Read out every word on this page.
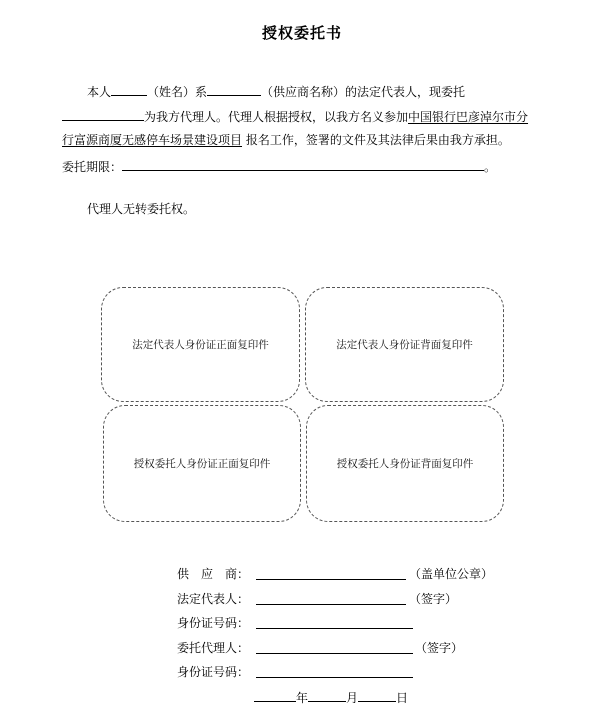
授权委托书
本人	（姓名）系	（供应商名称）的法定代表人，现委托
为我方代理人。代理人根据授权，以我方名义参加中国银行巴彦淖尔市分
行富源商厦无感停车场景建设项目 报名工作，签署的文件及其法律后果由我方承担。
委托期限：	。
代理人无转委托权。
法定代表人身份证正面复印件	法定代表人身份证背面复印件
授权委托人身份证正面复印件	授权委托人身份证背面复印件
供　应　商：	（盖单位公章）
法定代表人：	（签字）
身份证号码：
委托代理人：	（签字）
身份证号码：
年	月	日
